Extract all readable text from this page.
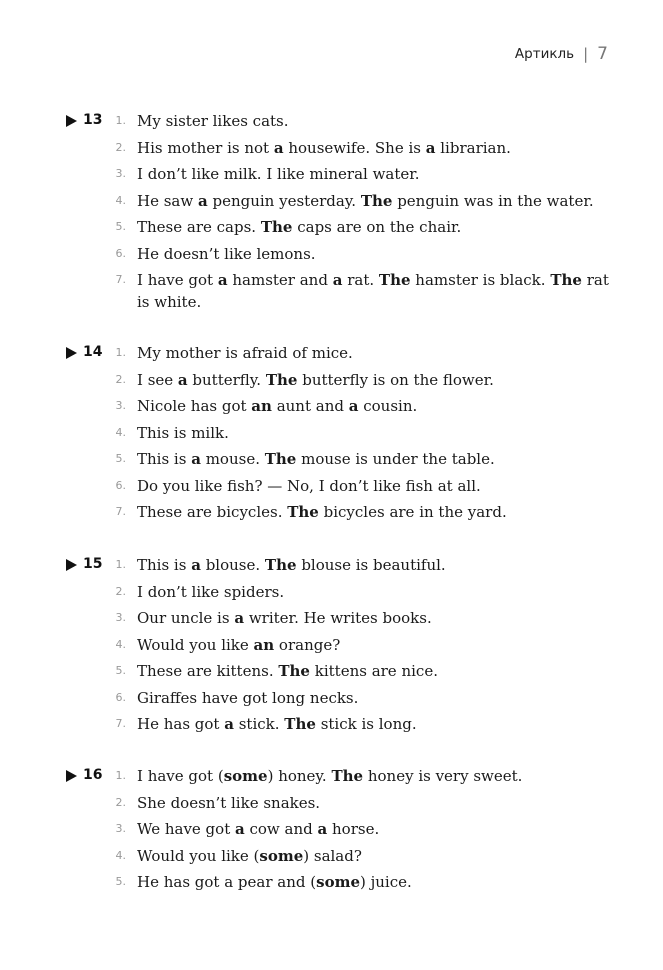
Артикль | 7
13	1. My sister likes cats.
2. His mother is not a housewife. She is a librarian.
3. I don’t like milk. I like mineral water.
4. He saw a penguin yesterday. The penguin was in the water.
5. These are caps. The caps are on the chair.
6. He doesn’t like lemons.
7. I have got a hamster and a rat. The hamster is black. The rat is white.
14	1. My mother is afraid of mice.
2. I see a butterfly. The butterfly is on the flower.
3. Nicole has got an aunt and a cousin.
4. This is milk.
5. This is a mouse. The mouse is under the table.
6. Do you like fish? — No, I don’t like fish at all.
7. These are bicycles. The bicycles are in the yard.
15	1. This is a blouse. The blouse is beautiful.
2. I don’t like spiders.
3. Our uncle is a writer. He writes books.
4. Would you like an orange?
5. These are kittens. The kittens are nice.
6. Giraffes have got long necks.
7. He has got a stick. The stick is long.
16	1. I have got (some) honey. The honey is very sweet.
2. She doesn’t like snakes.
3. We have got a cow and a horse.
4. Would you like (some) salad?
5. He has got a pear and (some) juice.
